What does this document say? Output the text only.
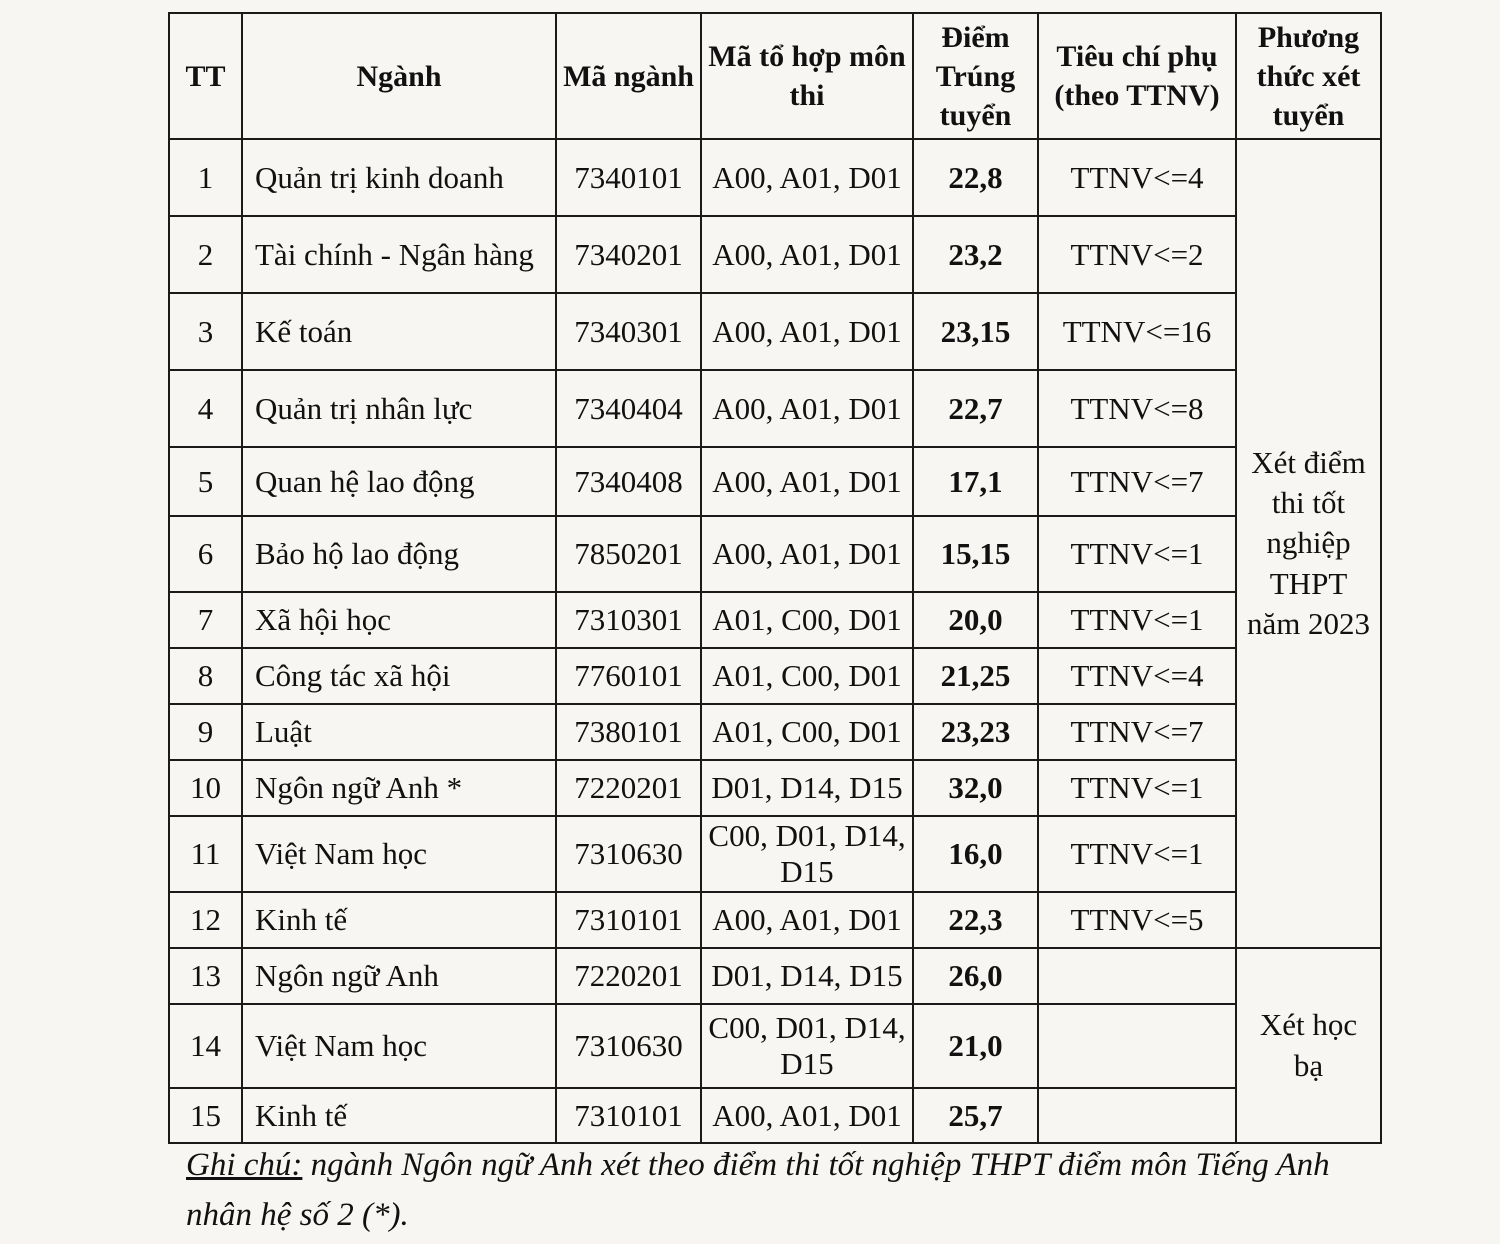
TT	Ngành	Mã ngành	Mã tổ hợp môn thi	Điểm Trúng tuyển	Tiêu chí phụ (theo TTNV)	Phương thức xét tuyển
1	Quản trị kinh doanh	7340101	A00, A01, D01	22,8	TTNV<=4	Xét điểm thi tốt nghiệp THPT năm 2023
2	Tài chính - Ngân hàng	7340201	A00, A01, D01	23,2	TTNV<=2	
3	Kế toán	7340301	A00, A01, D01	23,15	TTNV<=16	
4	Quản trị nhân lực	7340404	A00, A01, D01	22,7	TTNV<=8	
5	Quan hệ lao động	7340408	A00, A01, D01	17,1	TTNV<=7	
6	Bảo hộ lao động	7850201	A00, A01, D01	15,15	TTNV<=1	
7	Xã hội học	7310301	A01, C00, D01	20,0	TTNV<=1	
8	Công tác xã hội	7760101	A01, C00, D01	21,25	TTNV<=4	
9	Luật	7380101	A01, C00, D01	23,23	TTNV<=7	
10	Ngôn ngữ Anh *	7220201	D01, D14, D15	32,0	TTNV<=1	
11	Việt Nam học	7310630	C00, D01, D14, D15	16,0	TTNV<=1	
12	Kinh tế	7310101	A00, A01, D01	22,3	TTNV<=5	
13	Ngôn ngữ Anh	7220201	D01, D14, D15	26,0		Xét học bạ
14	Việt Nam học	7310630	C00, D01, D14, D15	21,0		
15	Kinh tế	7310101	A00, A01, D01	25,7		
Ghi chú: ngành Ngôn ngữ Anh xét theo điểm thi tốt nghiệp THPT điểm môn Tiếng Anh nhân hệ số 2 (*).
